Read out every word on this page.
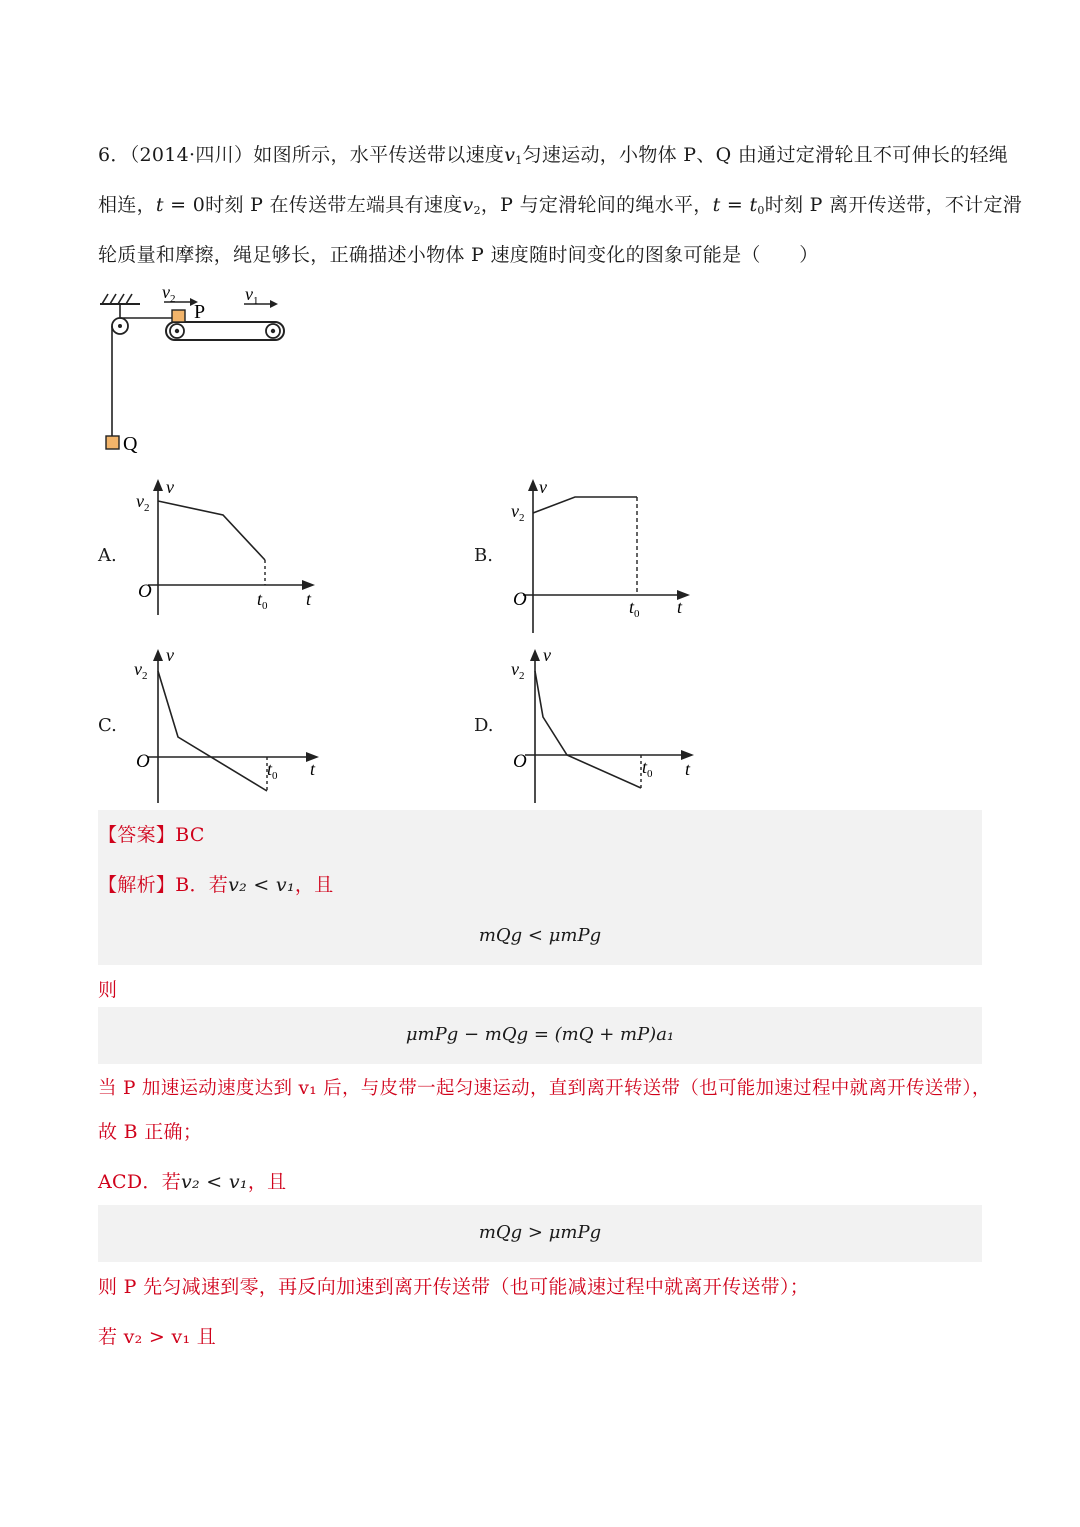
6．（2014·四川）如图所示，水平传送带以速度$v_1$匀速运动，小物体 P、Q 由通过定滑轮且不可伸长的轻绳
相连，t = 0时刻 P 在传送带左端具有速度$v_2$，P 与定滑轮间的绳水平，$t = t_0$时刻 P 离开传送带，不计定滑
轮质量和摩擦，绳足够长，正确描述小物体 P 速度随时间变化的图象可能是（　　）
$v_2$
P
$v_1$
Q
A.	B.
C.	D.
v
$v_2$
O	$t_0$ t
v
$v_2$
O	$t_0$ t
v
$v_2$
O	$t_0$ t
v
$v_2$
O	$t_0$ t
【答案】BC
【解析】B．若v₂ < v₁，且
mQg < μmPg
则
μmPg − mQg = (mQ + mP)a₁
当 P 加速运动速度达到 v₁ 后，与皮带一起匀速运动，直到离开转送带（也可能加速过程中就离开传送带），
故 B 正确；
ACD．若v₂ < v₁，且
mQg > μmPg
则 P 先匀减速到零，再反向加速到离开传送带（也可能减速过程中就离开传送带）；
若 v₂ > v₁ 且
